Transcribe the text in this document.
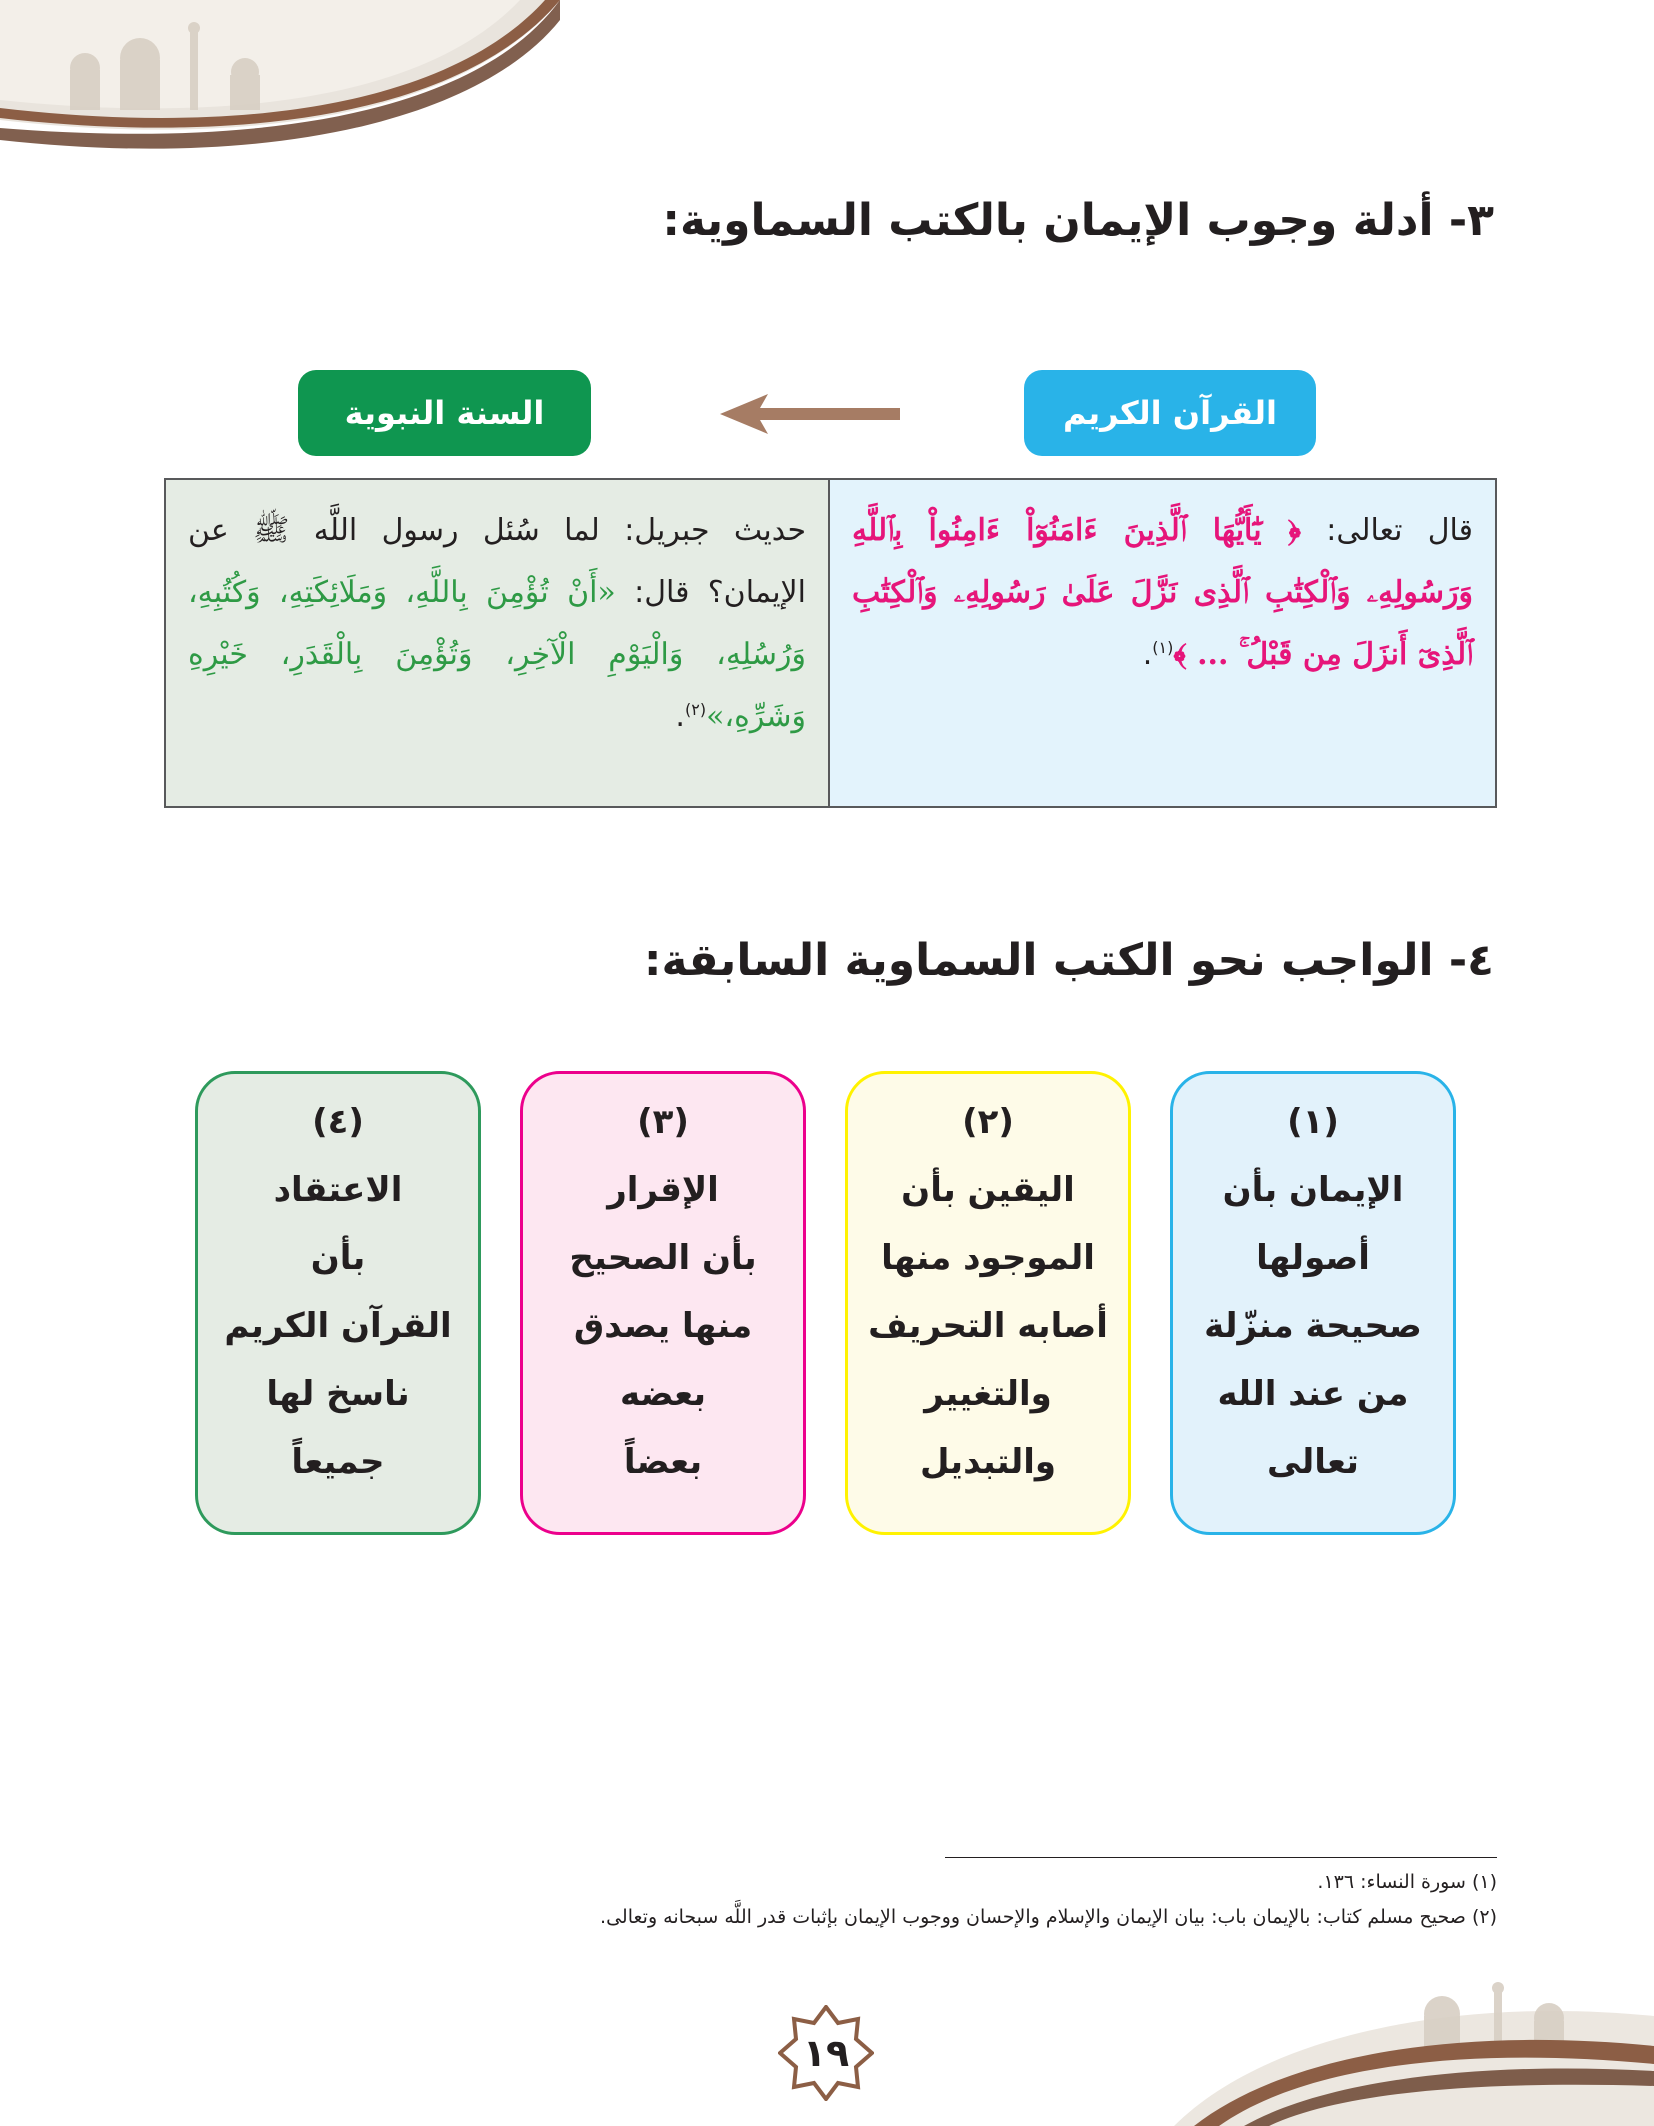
٣- أدلة وجوب الإيمان بالكتب السماوية:
القرآن الكريم
السنة النبوية
قال تعالى: ﴿ يَٰٓأَيُّهَا ٱلَّذِينَ ءَامَنُوٓاْ ءَامِنُواْ بِٱللَّهِ وَرَسُولِهِۦ وَٱلْكِتَٰبِ ٱلَّذِى نَزَّلَ عَلَىٰ رَسُولِهِۦ وَٱلْكِتَٰبِ ٱلَّذِىٓ أَنزَلَ مِن قَبْلُ ۚ ... ﴾$^{(١)}$.
حديث جبريل: لما سُئل رسول اللَّه ﷺ عن الإيمان؟ قال: «أَنْ تُؤْمِنَ بِاللَّهِ، وَمَلَائِكَتِهِ، وَكُتُبِهِ، وَرُسُلِهِ، وَالْيَوْمِ الْآخِرِ، وَتُؤْمِنَ بِالْقَدَرِ، خَيْرِهِ وَشَرِّهِ،»$^{(٢)}$.
٤- الواجب نحو الكتب السماوية السابقة:
(١)
الإيمان بأن
أصولها
صحيحة منزّلة
من عند الله
تعالى
(٢)
اليقين بأن
الموجود منها
أصابه التحريف
والتغيير
والتبديل
(٣)
الإقرار
بأن الصحيح
منها يصدق
بعضه
بعضاً
(٤)
الاعتقاد
بأن
القرآن الكريم
ناسخ لها
جميعاً
(١) سورة النساء: ١٣٦.
(٢) صحيح مسلم كتاب: بالإيمان باب: بيان الإيمان والإسلام والإحسان ووجوب الإيمان بإثبات قدر اللَّه سبحانه وتعالى.
١٩
